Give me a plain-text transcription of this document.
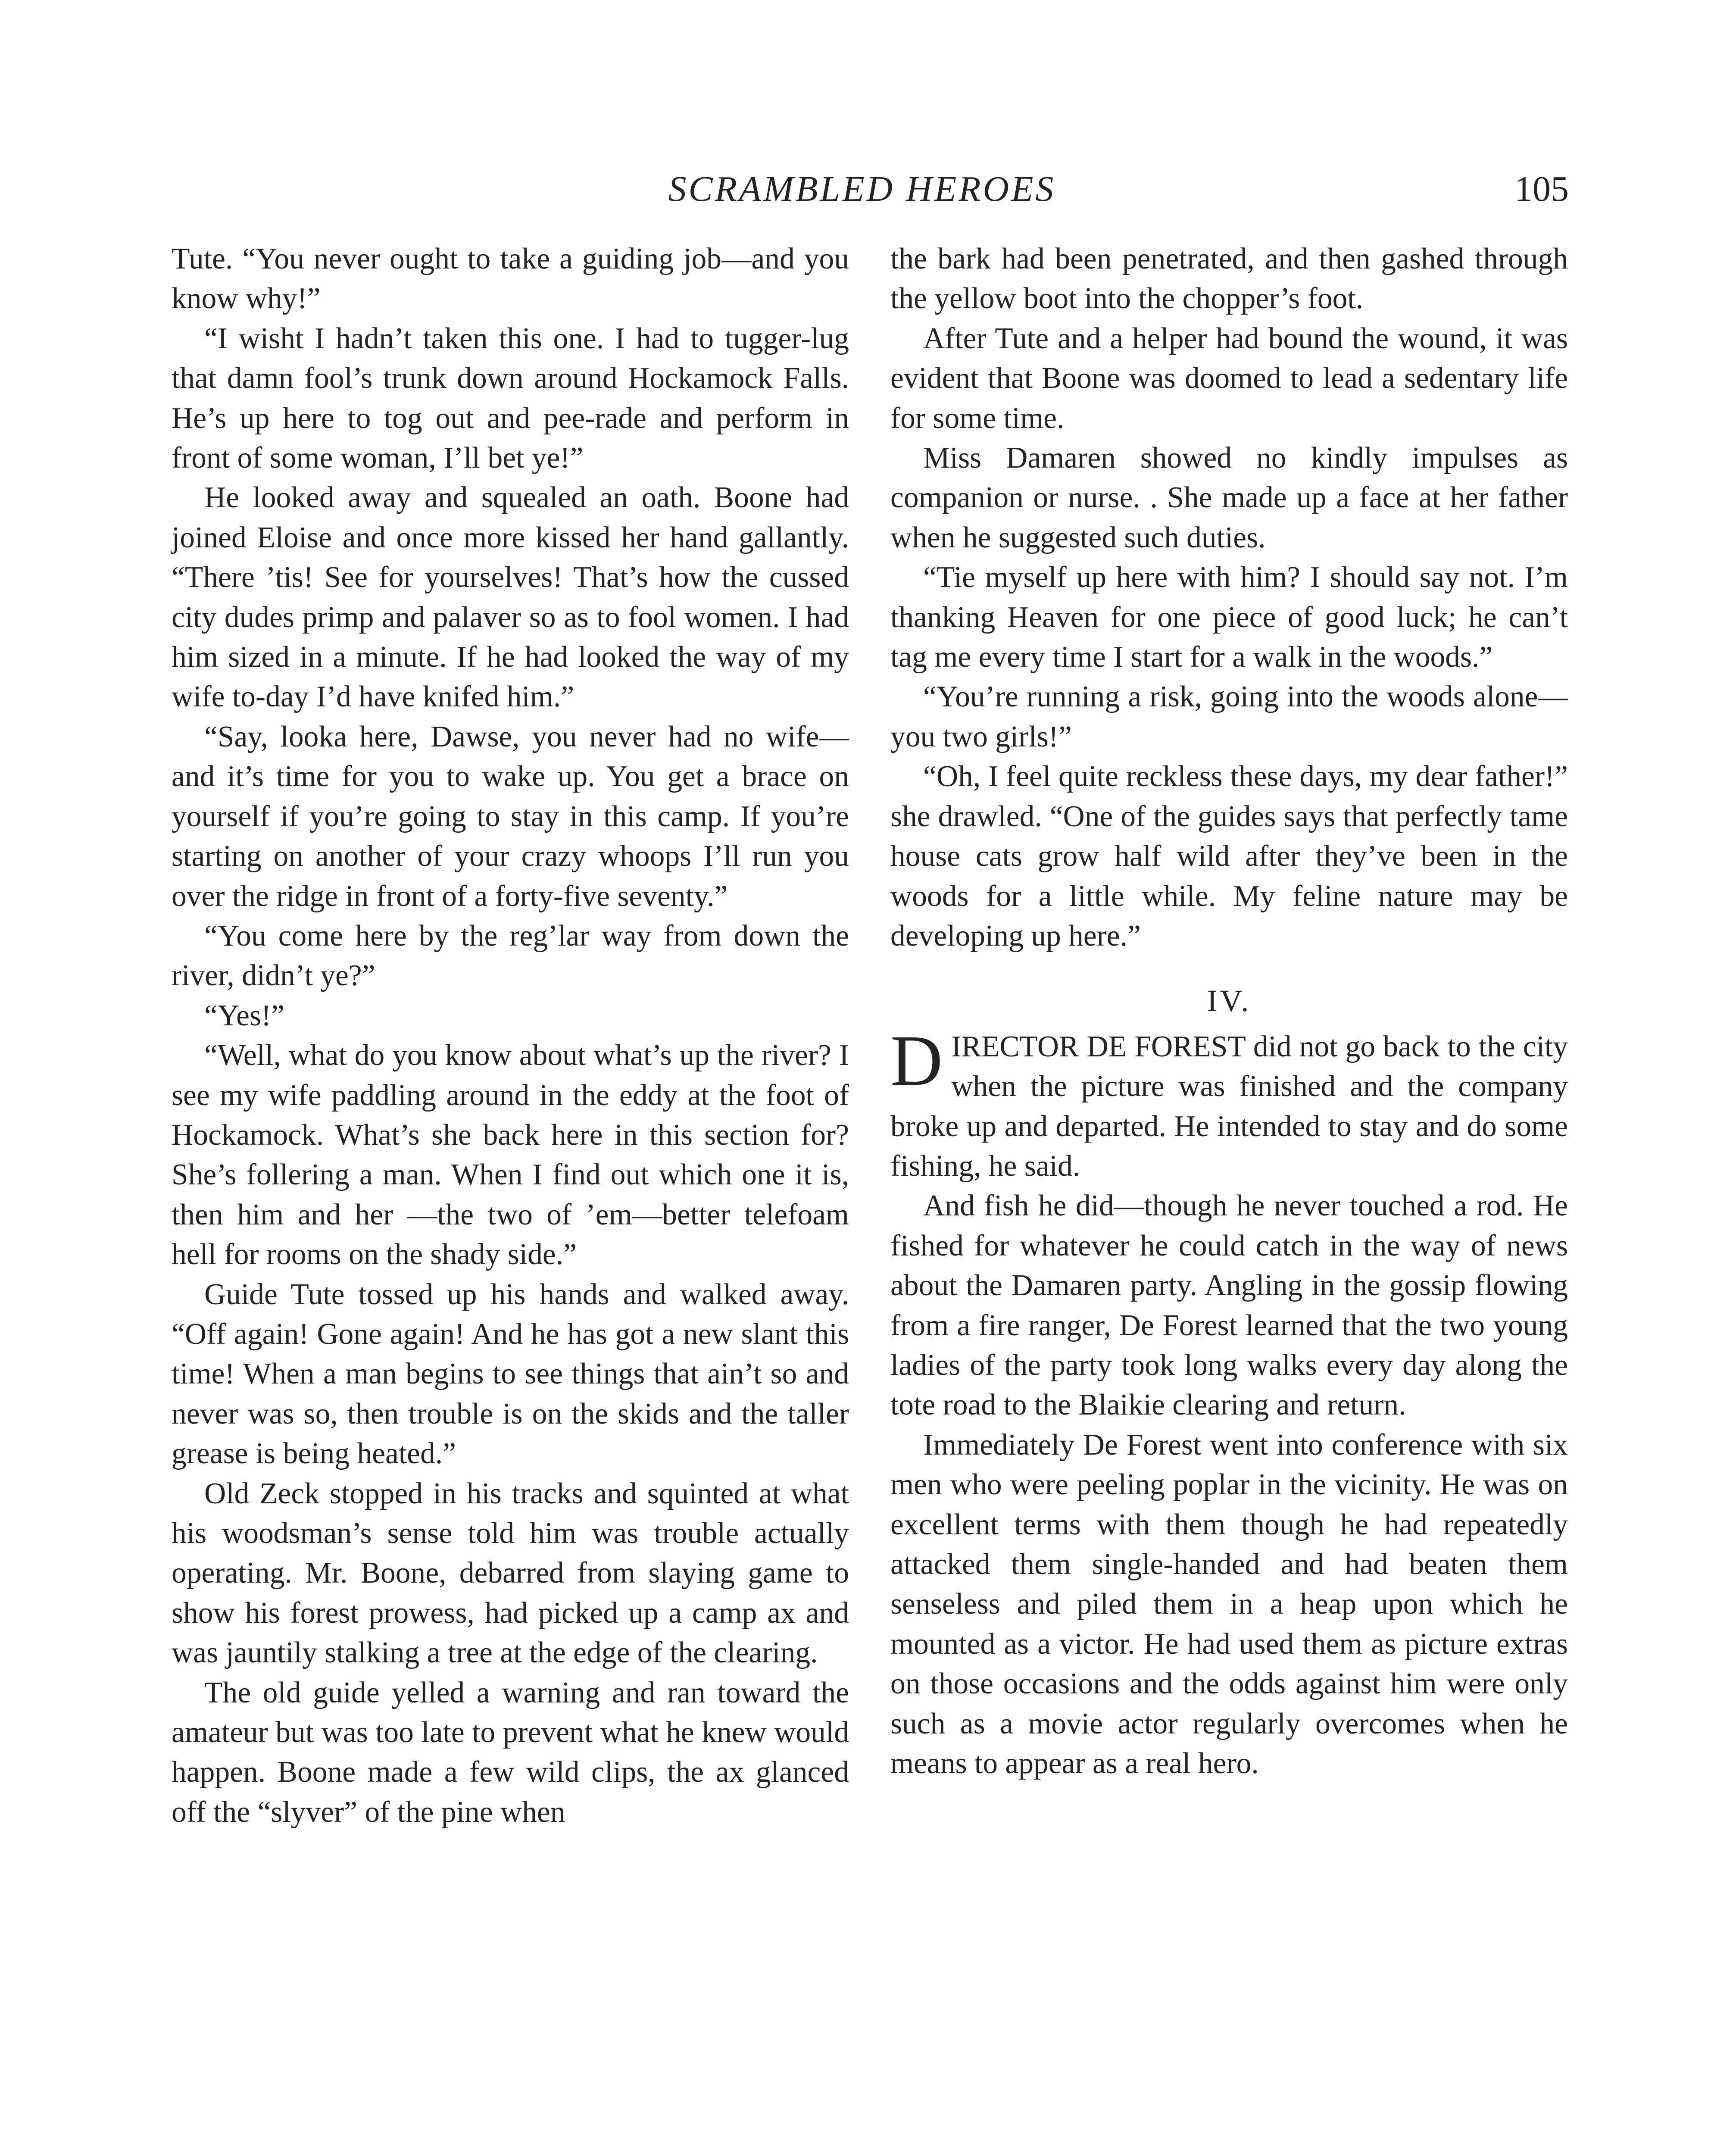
SCRAMBLED HEROES	105

Tute. “You never ought to take a guiding job—and you know why!”

“I wisht I hadn’t taken this one. I had to tugger-lug that damn fool’s trunk down around Hockamock Falls. He’s up here to tog out and pee-rade and perform in front of some woman, I’ll bet ye!”

He looked away and squealed an oath. Boone had joined Eloise and once more kissed her hand gallantly. “There ’tis! See for yourselves! That’s how the cussed city dudes primp and palaver so as to fool women. I had him sized in a minute. If he had looked the way of my wife to-day I’d have knifed him.”

“Say, looka here, Dawse, you never had no wife—and it’s time for you to wake up. You get a brace on yourself if you’re going to stay in this camp. If you’re starting on another of your crazy whoops I’ll run you over the ridge in front of a forty-five seventy.”

“You come here by the reg’lar way from down the river, didn’t ye?”

“Yes!”

“Well, what do you know about what’s up the river? I see my wife paddling around in the eddy at the foot of Hockamock. What’s she back here in this section for? She’s follering a man. When I find out which one it is, then him and her —the two of ’em—better telefoam hell for rooms on the shady side.”

Guide Tute tossed up his hands and walked away. “Off again! Gone again! And he has got a new slant this time! When a man begins to see things that ain’t so and never was so, then trouble is on the skids and the taller grease is being heated.”

Old Zeck stopped in his tracks and squinted at what his woodsman’s sense told him was trouble actually operating. Mr. Boone, debarred from slaying game to show his forest prowess, had picked up a camp ax and was jauntily stalking a tree at the edge of the clearing.

The old guide yelled a warning and ran toward the amateur but was too late to prevent what he knew would happen. Boone made a few wild clips, the ax glanced off the “slyver” of the pine when

the bark had been penetrated, and then gashed through the yellow boot into the chopper’s foot.

After Tute and a helper had bound the wound, it was evident that Boone was doomed to lead a sedentary life for some time.

Miss Damaren showed no kindly impulses as companion or nurse. . She made up a face at her father when he suggested such duties.

“Tie myself up here with him? I should say not. I’m thanking Heaven for one piece of good luck; he can’t tag me every time I start for a walk in the woods.”

“You’re running a risk, going into the woods alone—you two girls!”

“Oh, I feel quite reckless these days, my dear father!” she drawled. “One of the guides says that perfectly tame house cats grow half wild after they’ve been in the woods for a little while. My feline nature may be developing up here.”

IV.

DIRECTOR DE FOREST did not go back to the city when the picture was finished and the company broke up and departed. He intended to stay and do some fishing, he said.

And fish he did—though he never touched a rod. He fished for whatever he could catch in the way of news about the Damaren party. Angling in the gossip flowing from a fire ranger, De Forest learned that the two young ladies of the party took long walks every day along the tote road to the Blaikie clearing and return.

Immediately De Forest went into conference with six men who were peeling poplar in the vicinity. He was on excellent terms with them though he had repeatedly attacked them single-handed and had beaten them senseless and piled them in a heap upon which he mounted as a victor. He had used them as picture extras on those occasions and the odds against him were only such as a movie actor regularly overcomes when he means to appear as a real hero.
